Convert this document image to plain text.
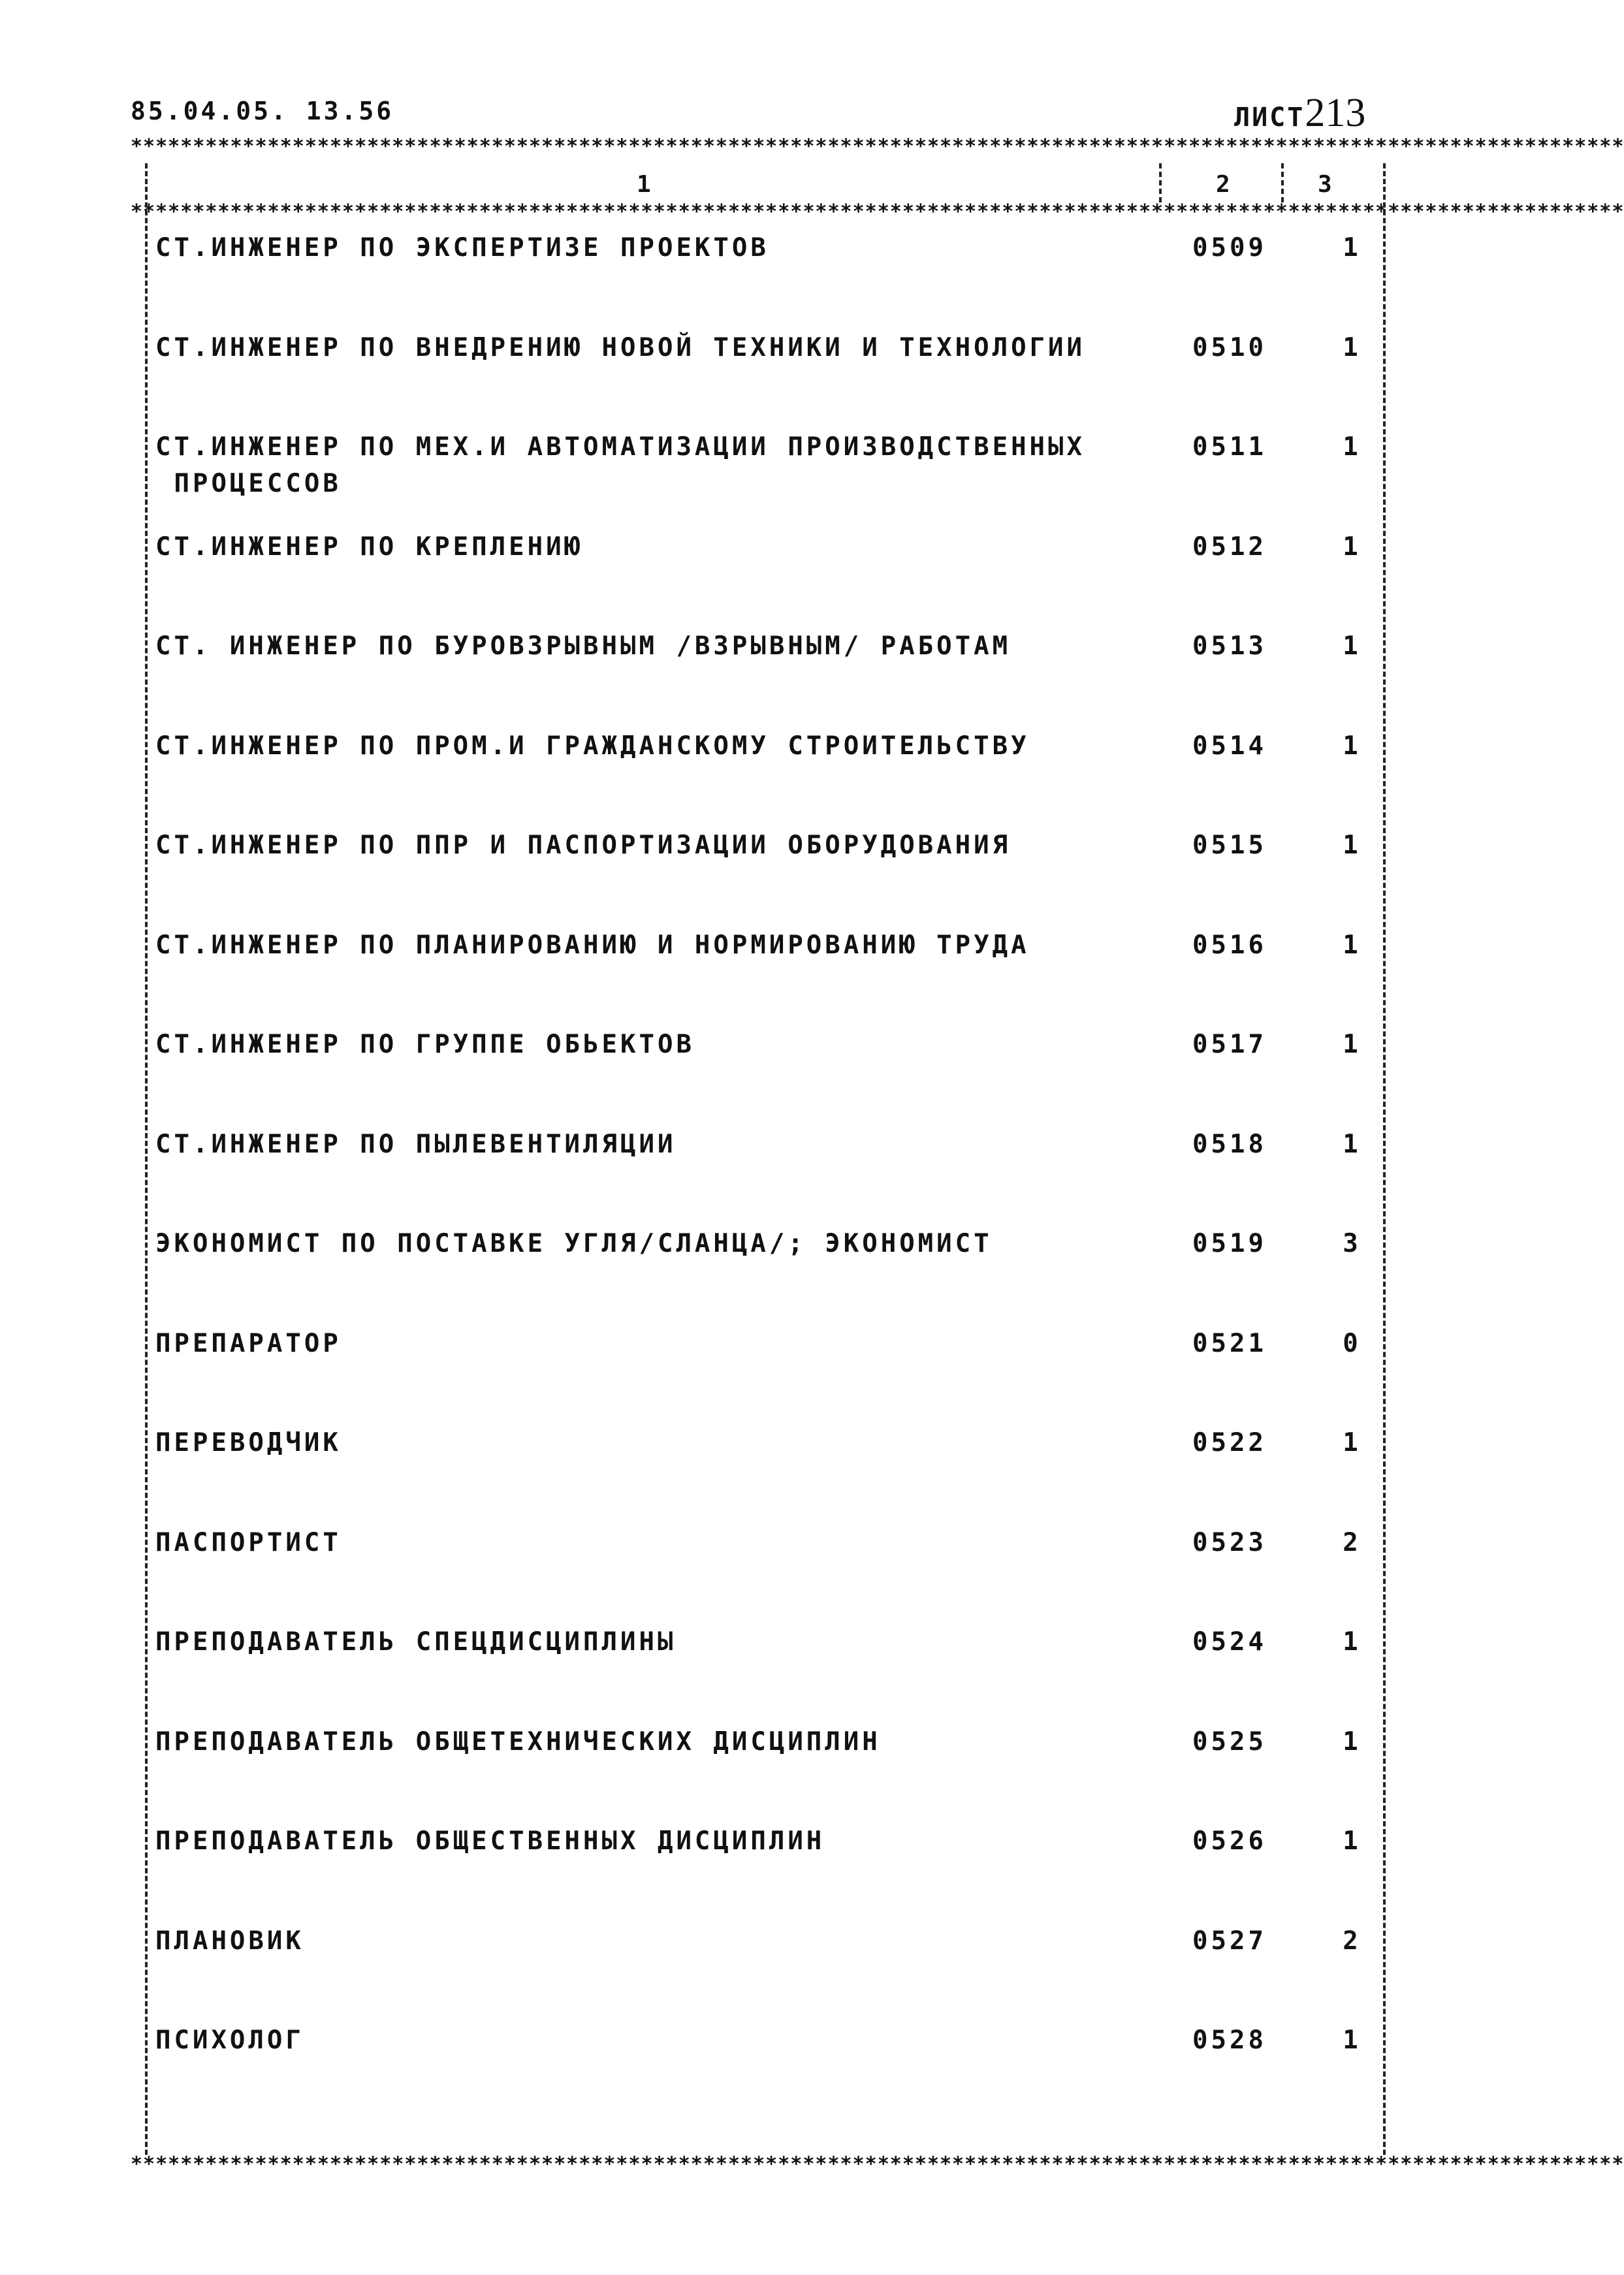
85.04.05. 13.56	ЛИСТ213
************************************************************************************************************************
1	2	3
************************************************************************************************************************
************************************************************************************************************************
СТ.ИНЖЕНЕР ПО ЭКСПЕРТИЗЕ ПРОЕКТОВ	0509	1
СТ.ИНЖЕНЕР ПО ВНЕДРЕНИЮ НОВОЙ ТЕХНИКИ И ТЕХНОЛОГИИ	0510	1
СТ.ИНЖЕНЕР ПО МЕХ.И АВТОМАТИЗАЦИИ ПРОИЗВОДСТВЕННЫХ
ПРОЦЕССОВ
0511	1
СТ.ИНЖЕНЕР ПО КРЕПЛЕНИЮ	0512	1
СТ. ИНЖЕНЕР ПО БУРОВЗРЫВНЫМ /ВЗРЫВНЫМ/ РАБОТАМ	0513	1
СТ.ИНЖЕНЕР ПО ПРОМ.И ГРАЖДАНСКОМУ СТРОИТЕЛЬСТВУ	0514	1
СТ.ИНЖЕНЕР ПО ППР И ПАСПОРТИЗАЦИИ ОБОРУДОВАНИЯ	0515	1
СТ.ИНЖЕНЕР ПО ПЛАНИРОВАНИЮ И НОРМИРОВАНИЮ ТРУДА	0516	1
СТ.ИНЖЕНЕР ПО ГРУППЕ ОБЬЕКТОВ	0517	1
СТ.ИНЖЕНЕР ПО ПЫЛЕВЕНТИЛЯЦИИ	0518	1
ЭКОНОМИСТ ПО ПОСТАВКЕ УГЛЯ/СЛАНЦА/; ЭКОНОМИСТ	0519	3
ПРЕПАРАТОР	0521	0
ПЕРЕВОДЧИК	0522	1
ПАСПОРТИСТ	0523	2
ПРЕПОДАВАТЕЛЬ СПЕЦДИСЦИПЛИНЫ	0524	1
ПРЕПОДАВАТЕЛЬ ОБЩЕТЕХНИЧЕСКИХ ДИСЦИПЛИН	0525	1
ПРЕПОДАВАТЕЛЬ ОБЩЕСТВЕННЫХ ДИСЦИПЛИН	0526	1
ПЛАНОВИК	0527	2
ПСИХОЛОГ	0528	1
